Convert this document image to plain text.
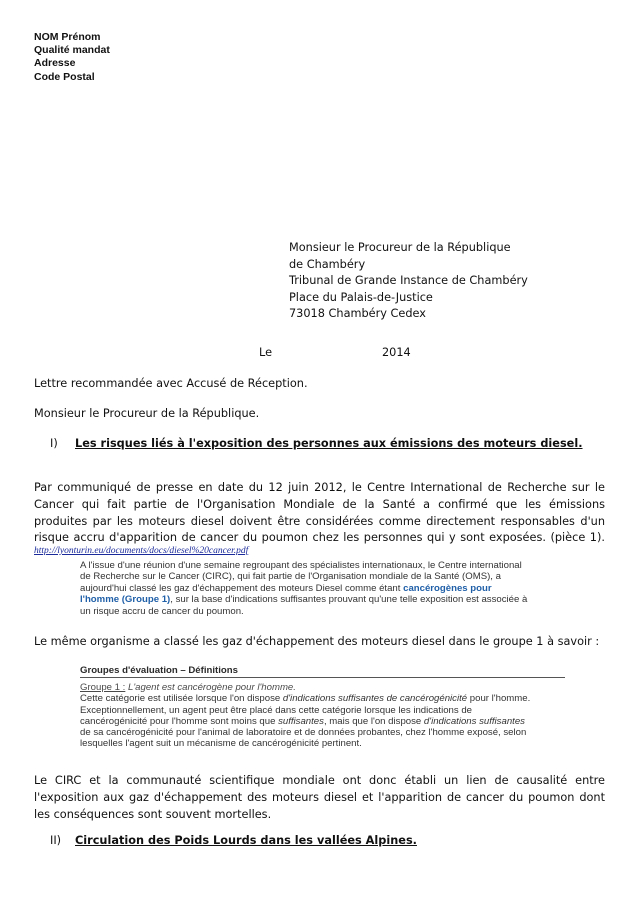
NOM Prénom
Qualité mandat
Adresse
Code Postal
Monsieur le Procureur de la République
de Chambéry
Tribunal de Grande Instance de Chambéry
Place du Palais-de-Justice
73018 Chambéry Cedex
Le	2014
Lettre recommandée avec Accusé de Réception.
Monsieur le Procureur de la République.
I) Les risques liés à l'exposition des personnes aux émissions des moteurs diesel.
Par communiqué de presse en date du 12 juin 2012, le Centre International de Recherche sur le
Cancer qui fait partie de l'Organisation Mondiale de la Santé a confirmé que les émissions
produites par les moteurs diesel doivent être considérées comme directement responsables d'un
risque accru d'apparition de cancer du poumon chez les personnes qui y sont exposées. (pièce 1).
http://lyonturin.eu/documents/docs/diesel%20cancer.pdf
A l'issue d'une réunion d'une semaine regroupant des spécialistes internationaux, le Centre international
de Recherche sur le Cancer (CIRC), qui fait partie de l'Organisation mondiale de la Santé (OMS), a
aujourd'hui classé les gaz d'échappement des moteurs Diesel comme étant cancérogènes pour
l'homme (Groupe 1), sur la base d'indications suffisantes prouvant qu'une telle exposition est associée à
un risque accru de cancer du poumon.
Le même organisme a classé les gaz d'échappement des moteurs diesel dans le groupe 1 à savoir :
Groupes d'évaluation – Définitions
Groupe 1 : L'agent est cancérogène pour l'homme.
Cette catégorie est utilisée lorsque l'on dispose d'indications suffisantes de cancérogénicité pour l'homme.
Exceptionnellement, un agent peut être placé dans cette catégorie lorsque les indications de
cancérogénicité pour l'homme sont moins que suffisantes, mais que l'on dispose d'indications suffisantes
de sa cancérogénicité pour l'animal de laboratoire et de données probantes, chez l'homme exposé, selon
lesquelles l'agent suit un mécanisme de cancérogénicité pertinent.
Le CIRC et la communauté scientifique mondiale ont donc établi un lien de causalité entre
l'exposition aux gaz d'échappement des moteurs diesel et l'apparition de cancer du poumon dont
les conséquences sont souvent mortelles.
II) Circulation des Poids Lourds dans les vallées Alpines.
